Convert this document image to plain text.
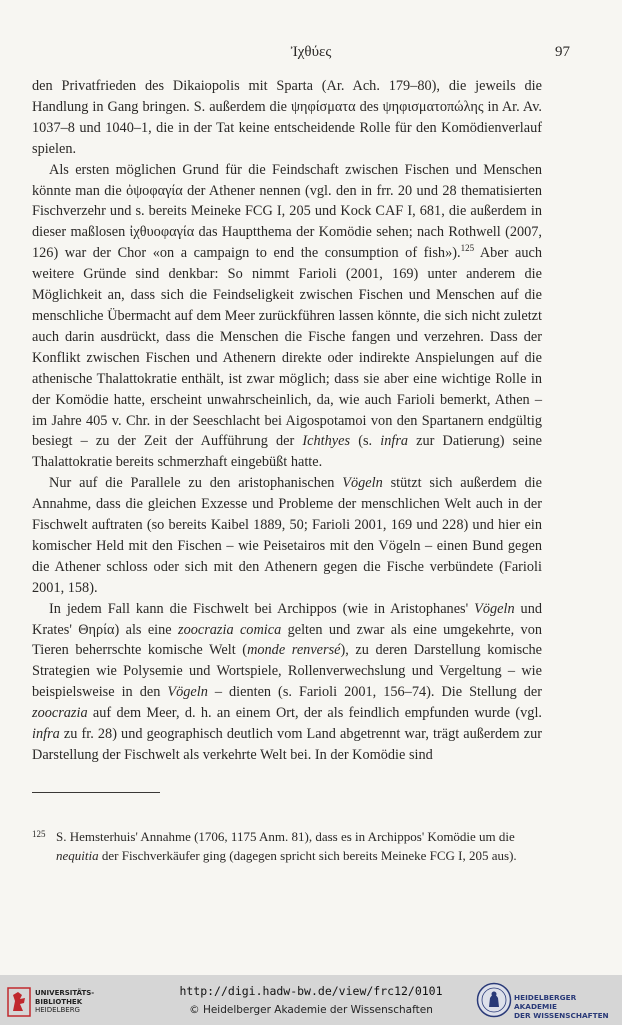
Ἰχθύες	97

den Privatfrieden des Dikaiopolis mit Sparta (Ar. Ach. 179–80), die jeweils die Handlung in Gang bringen. S. außerdem die ψηφίσματα des ψηφισματοπώλης in Ar. Av. 1037–8 und 1040–1, die in der Tat keine entscheidende Rolle für den Komödienverlauf spielen.

Als ersten möglichen Grund für die Feindschaft zwischen Fischen und Menschen könnte man die ὀψοφαγία der Athener nennen (vgl. den in frr. 20 und 28 thematisierten Fischverzehr und s. bereits Meineke FCG I, 205 und Kock CAF I, 681, die außerdem in dieser maßlosen ἰχθυοφαγία das Hauptthema der Komödie sehen; nach Rothwell (2007, 126) war der Chor «on a campaign to end the consumption of fish»).$^{125}$ Aber auch weitere Gründe sind denkbar: So nimmt Farioli (2001, 169) unter anderem die Möglichkeit an, dass sich die Feindseligkeit zwischen Fischen und Menschen auf die menschliche Übermacht auf dem Meer zurückführen lassen könnte, die sich nicht zuletzt auch darin ausdrückt, dass die Menschen die Fische fangen und verzehren. Dass der Konflikt zwischen Fischen und Athenern direkte oder indirekte Anspielungen auf die athenische Thalattokratie enthält, ist zwar möglich; dass sie aber eine wichtige Rolle in der Komödie hatte, erscheint unwahrscheinlich, da, wie auch Farioli bemerkt, Athen – im Jahre 405 v. Chr. in der Seeschlacht bei Aigospotamoi von den Spartanern endgültig besiegt – zu der Zeit der Aufführung der Ichthyes (s. infra zur Datierung) seine Thalattokratie bereits schmerzhaft eingebüßt hatte.

Nur auf die Parallele zu den aristophanischen Vögeln stützt sich außerdem die Annahme, dass die gleichen Exzesse und Probleme der menschlichen Welt auch in der Fischwelt auftraten (so bereits Kaibel 1889, 50; Farioli 2001, 169 und 228) und hier ein komischer Held mit den Fischen – wie Peisetairos mit den Vögeln – einen Bund gegen die Athener schloss oder sich mit den Athenern gegen die Fische verbündete (Farioli 2001, 158).

In jedem Fall kann die Fischwelt bei Archippos (wie in Aristophanes' Vögeln und Krates' Θηρία) als eine zoocrazia comica gelten und zwar als eine umgekehrte, von Tieren beherrschte komische Welt (monde renversé), zu deren Darstellung komische Strategien wie Polysemie und Wortspiele, Rollenverwechslung und Vergeltung – wie beispielsweise in den Vögeln – dienten (s. Farioli 2001, 156–74). Die Stellung der zoocrazia auf dem Meer, d. h. an einem Ort, der als feindlich empfunden wurde (vgl. infra zu fr. 28) und geographisch deutlich vom Land abgetrennt war, trägt außerdem zur Darstellung der Fischwelt als verkehrte Welt bei. In der Komödie sind

125 S. Hemsterhuis' Annahme (1706, 1175 Anm. 81), dass es in Archippos' Komödie um die nequitia der Fischverkäufer ging (dagegen spricht sich bereits Meineke FCG I, 205 aus).
UNIVERSITÄTS-
BIBLIOTHEK
HEIDELBERG
http://digi.hadw-bw.de/view/frc12/0101
© Heidelberger Akademie der Wissenschaften
HEIDELBERGER AKADEMIE
DER WISSENSCHAFTEN
